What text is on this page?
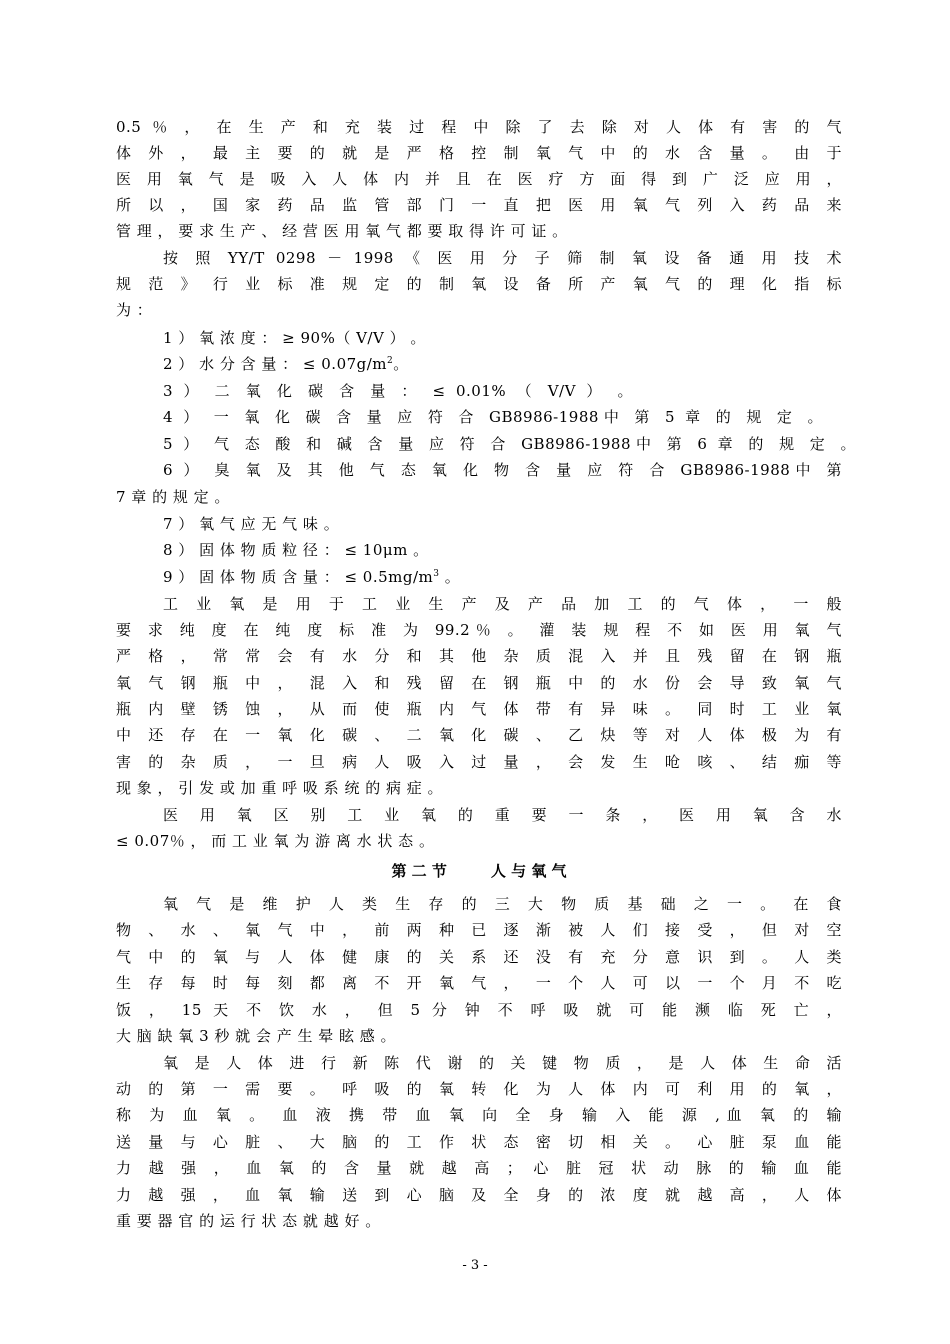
0.5 ％ ， 在 生 产 和 充 装 过 程 中 除 了 去 除 对 人 体 有 害 的 气
体 外 ， 最 主 要 的 就 是 严 格 控 制 氧 气 中 的 水 含 量 。 由 于
医 用 氧 气 是 吸 入 人 体 内 并 且 在 医 疗 方 面 得 到 广 泛 应 用 ，
所 以 ， 国 家 药 品 监 管 部 门 一 直 把 医 用 氧 气 列 入 药 品 来
管 理 ， 要 求 生 产 、 经 营 医 用 氧 气 都 要 取 得 许 可 证 。
按 照 YY/T 0298 － 1998 《 医 用 分 子 筛 制 氧 设 备 通 用 技 术
规 范 》 行 业 标 准 规 定 的 制 氧 设 备 所 产 氧 气 的 理 化 指 标
为 ：
1 ） 氧 浓 度 ： ≥ 90%（ V/V ） 。
2 ） 水 分 含 量 ： ≤ $0.07g/m^2$。
3 ） 二 氧 化 碳 含 量 ： ≤ 0.01% （ V/V ） 。
4 ） 一 氧 化 碳 含 量 应 符 合 GB8986-1988中 第 5 章 的 规 定 。
5 ） 气 态 酸 和 碱 含 量 应 符 合 GB8986-1988中 第 6 章 的 规 定 。
6 ） 臭 氧 及 其 他 气 态 氧 化 物 含 量 应 符 合 GB8986-1988中 第
7 章 的 规 定 。
7 ） 氧 气 应 无 气 味 。
8 ） 固 体 物 质 粒 径 ： ≤ 10μm 。
9 ） 固 体 物 质 含 量 ： ≤ $0.5mg/m^3$ 。
工 业 氧 是 用 于 工 业 生 产 及 产 品 加 工 的 气 体 ， 一 般
要 求 纯 度 在 纯 度 标 准 为 99.2％ 。 灌 装 规 程 不 如 医 用 氧 气
严 格 ， 常 常 会 有 水 分 和 其 他 杂 质 混 入 并 且 残 留 在 钢 瓶
氧 气 钢 瓶 中 ， 混 入 和 残 留 在 钢 瓶 中 的 水 份 会 导 致 氧 气
瓶 内 壁 锈 蚀 ， 从 而 使 瓶 内 气 体 带 有 异 味 。 同 时 工 业 氧
中 还 存 在 一 氧 化 碳 、 二 氧 化 碳 、 乙 炔 等 对 人 体 极 为 有
害 的 杂 质 ， 一 旦 病 人 吸 入 过 量 ， 会 发 生 呛 咳 、 结 痂 等
现 象 ， 引 发 或 加 重 呼 吸 系 统 的 病 症 。
医 用 氧 区 别 工 业 氧 的 重 要 一 条 ， 医 用 氧 含 水
≤ 0.07％ ， 而 工 业 氧 为 游 离 水 状 态 。
第 二 节	人 与 氧 气
氧 气 是 维 护 人 类 生 存 的 三 大 物 质 基 础 之 一 。 在 食
物 、 水 、 氧 气 中 ， 前 两 种 已 逐 渐 被 人 们 接 受 ， 但 对 空
气 中 的 氧 与 人 体 健 康 的 关 系 还 没 有 充 分 意 识 到 。 人 类
生 存 每 时 每 刻 都 离 不 开 氧 气 ， 一 个 人 可 以 一 个 月 不 吃
饭 ， 15 天 不 饮 水 ， 但 5 分 钟 不 呼 吸 就 可 能 濒 临 死 亡 ，
大 脑 缺 氧 3 秒 就 会 产 生 晕 眩 感 。
氧 是 人 体 进 行 新 陈 代 谢 的 关 键 物 质 ， 是 人 体 生 命 活
动 的 第 一 需 要 。 呼 吸 的 氧 转 化 为 人 体 内 可 利 用 的 氧 ，
称 为 血 氧 。 血 液 携 带 血 氧 向 全 身 输 入 能 源 ,血 氧 的 输
送 量 与 心 脏 、 大 脑 的 工 作 状 态 密 切 相 关 。 心 脏 泵 血 能
力 越 强 ， 血 氧 的 含 量 就 越 高 ； 心 脏 冠 状 动 脉 的 输 血 能
力 越 强 ， 血 氧 输 送 到 心 脑 及 全 身 的 浓 度 就 越 高 ， 人 体
重 要 器 官 的 运 行 状 态 就 越 好 。
- 3 -
